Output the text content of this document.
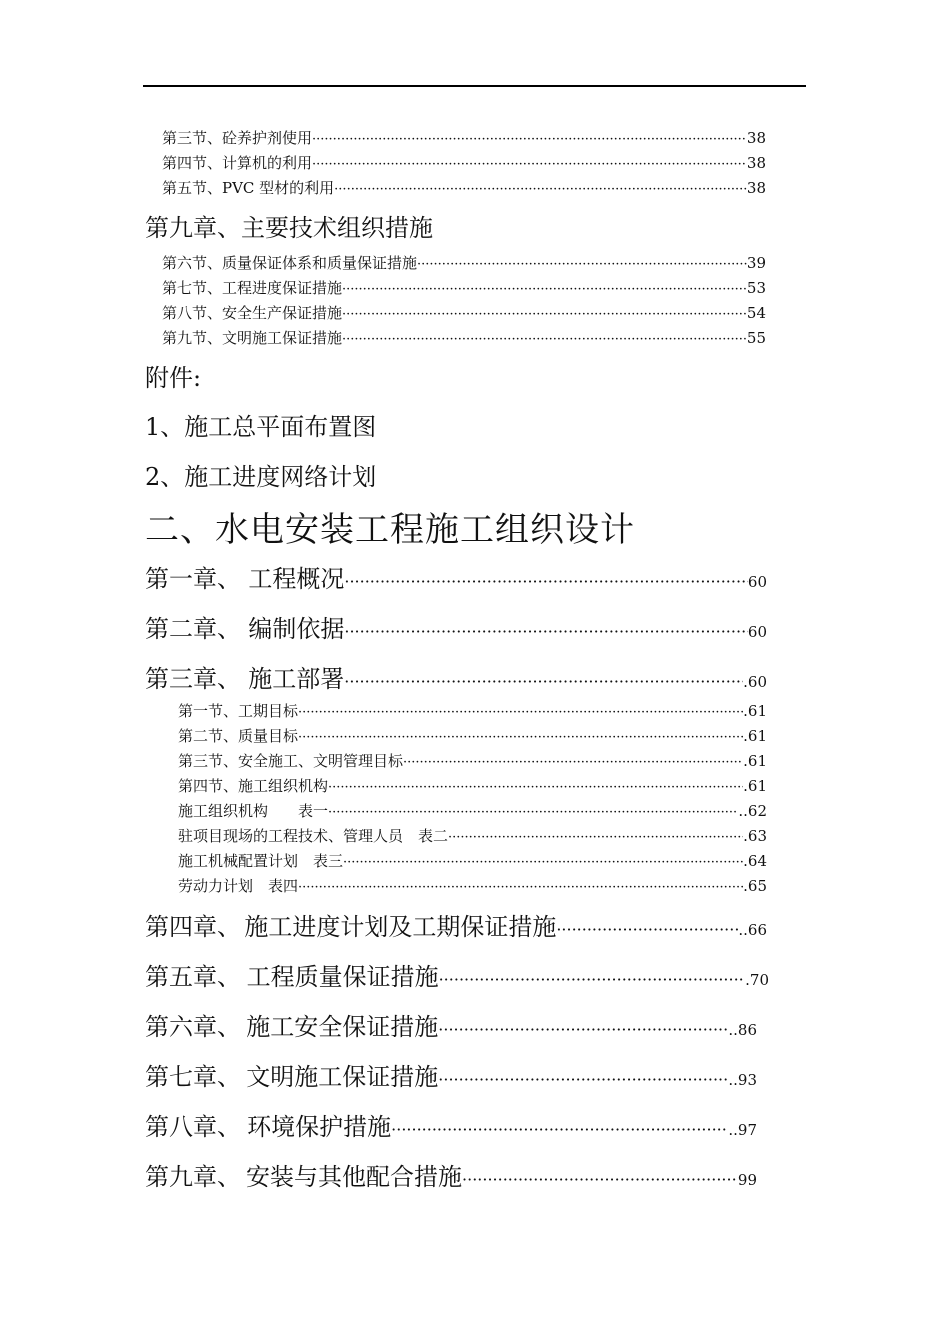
第三节、砼养护剂使用 ·····	38
第四节、计算机的利用 ·····	38
第五节、PVC 型材的利用 ·····	38
第九章、主要技术组织措施
第六节、质量保证体系和质量保证措施 ·····	39
第七节、工程进度保证措施 ·····	53
第八节、安全生产保证措施 ·····	54
第九节、文明施工保证措施 ·····	55
附件:
1、施工总平面布置图
2、施工进度网络计划
二、水电安装工程施工组织设计
第一章、 工程概况 ·····	60
第二章、 编制依据 ·····	60
第三章、 施工部署 ·····	.60
第一节、工期目标 ·····	.61
第二节、质量目标 ·····	.61
第三节、安全施工、文明管理目标 ·····	.61
第四节、施工组织机构 ·····	.61
施工组织机构　　表一 ·····	..62
驻项目现场的工程技术、管理人员　表二 ·····	.63
施工机械配置计划　表三 ·····	.64
劳动力计划　表四 ·····	.65
第四章、 施工进度计划及工期保证措施 ·····	..66
第五章、 工程质量保证措施 ·····	.70
第六章、 施工安全保证措施 ·····	..86
第七章、 文明施工保证措施 ·····	..93
第八章、 环境保护措施 ·····	..97
第九章、 安装与其他配合措施 ·····	99
